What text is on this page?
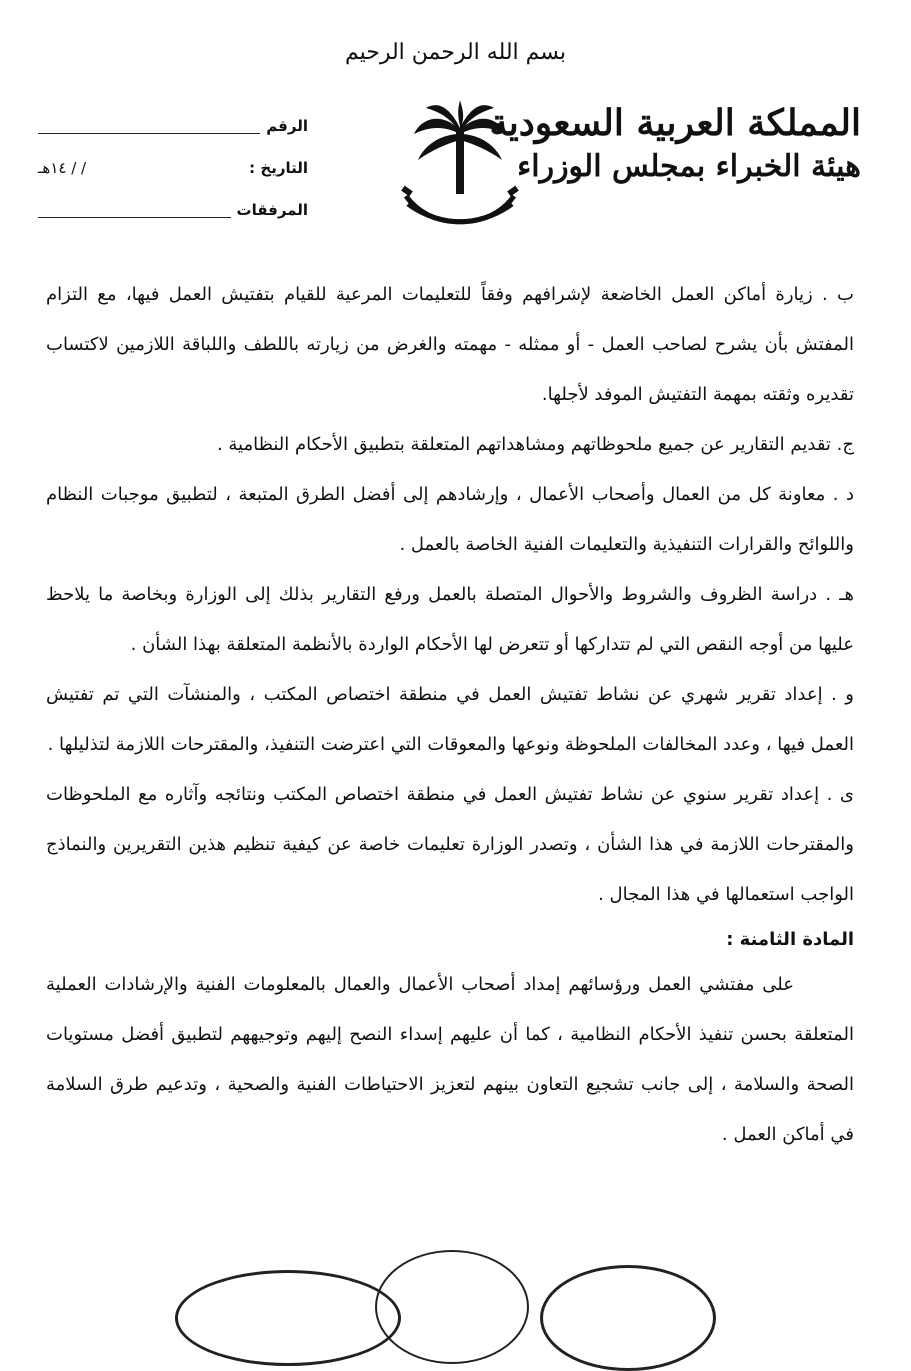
بسم الله الرحمن الرحيم
المملكة العربية السعودية
هيئة الخبراء بمجلس الوزراء
الرقم
التاريخ :
/ / ١٤هـ
المرفقات

ب . زيارة أماكن العمل الخاضعة لإشرافهم وفقاً للتعليمات المرعية للقيام بتفتيش العمل فيها، مع التزام المفتش بأن يشرح لصاحب العمل - أو ممثله - مهمته والغرض من زيارته باللطف واللباقة اللازمين لاكتساب تقديره وثقته بمهمة التفتيش الموفد لأجلها.

ج. تقديم التقارير عن جميع ملحوظاتهم ومشاهداتهم المتعلقة بتطبيق الأحكام النظامية .

د . معاونة كل من العمال وأصحاب الأعمال ، وإرشادهم إلى أفضل الطرق المتبعة ، لتطبيق موجبات النظام واللوائح والقرارات التنفيذية والتعليمات الفنية الخاصة بالعمل .

هـ . دراسة الظروف والشروط والأحوال المتصلة بالعمل ورفع التقارير بذلك إلى الوزارة وبخاصة ما يلاحظ عليها من أوجه النقص التي لم تتداركها أو تتعرض لها الأحكام الواردة بالأنظمة المتعلقة بهذا الشأن .

و . إعداد تقرير شهري عن نشاط تفتيش العمل في منطقة اختصاص المكتب ، والمنشآت التي تم تفتيش العمل فيها ، وعدد المخالفات الملحوظة ونوعها والمعوقات التي اعترضت التنفيذ، والمقترحات اللازمة لتذليلها .

ى . إعداد تقرير سنوي عن نشاط تفتيش العمل في منطقة اختصاص المكتب ونتائجه وآثاره مع الملحوظات والمقترحات اللازمة في هذا الشأن ، وتصدر الوزارة تعليمات خاصة عن كيفية تنظيم هذين التقريرين والنماذج الواجب استعمالها في هذا المجال .

المادة الثامنة :

على مفتشي العمل ورؤسائهم إمداد أصحاب الأعمال والعمال بالمعلومات الفنية والإرشادات العملية المتعلقة بحسن تنفيذ الأحكام النظامية ، كما أن عليهم إسداء النصح إليهم وتوجيههم لتطبيق أفضل مستويات الصحة والسلامة ، إلى جانب تشجيع التعاون بينهم لتعزيز الاحتياطات الفنية والصحية ، وتدعيم طرق السلامة في أماكن العمل .
